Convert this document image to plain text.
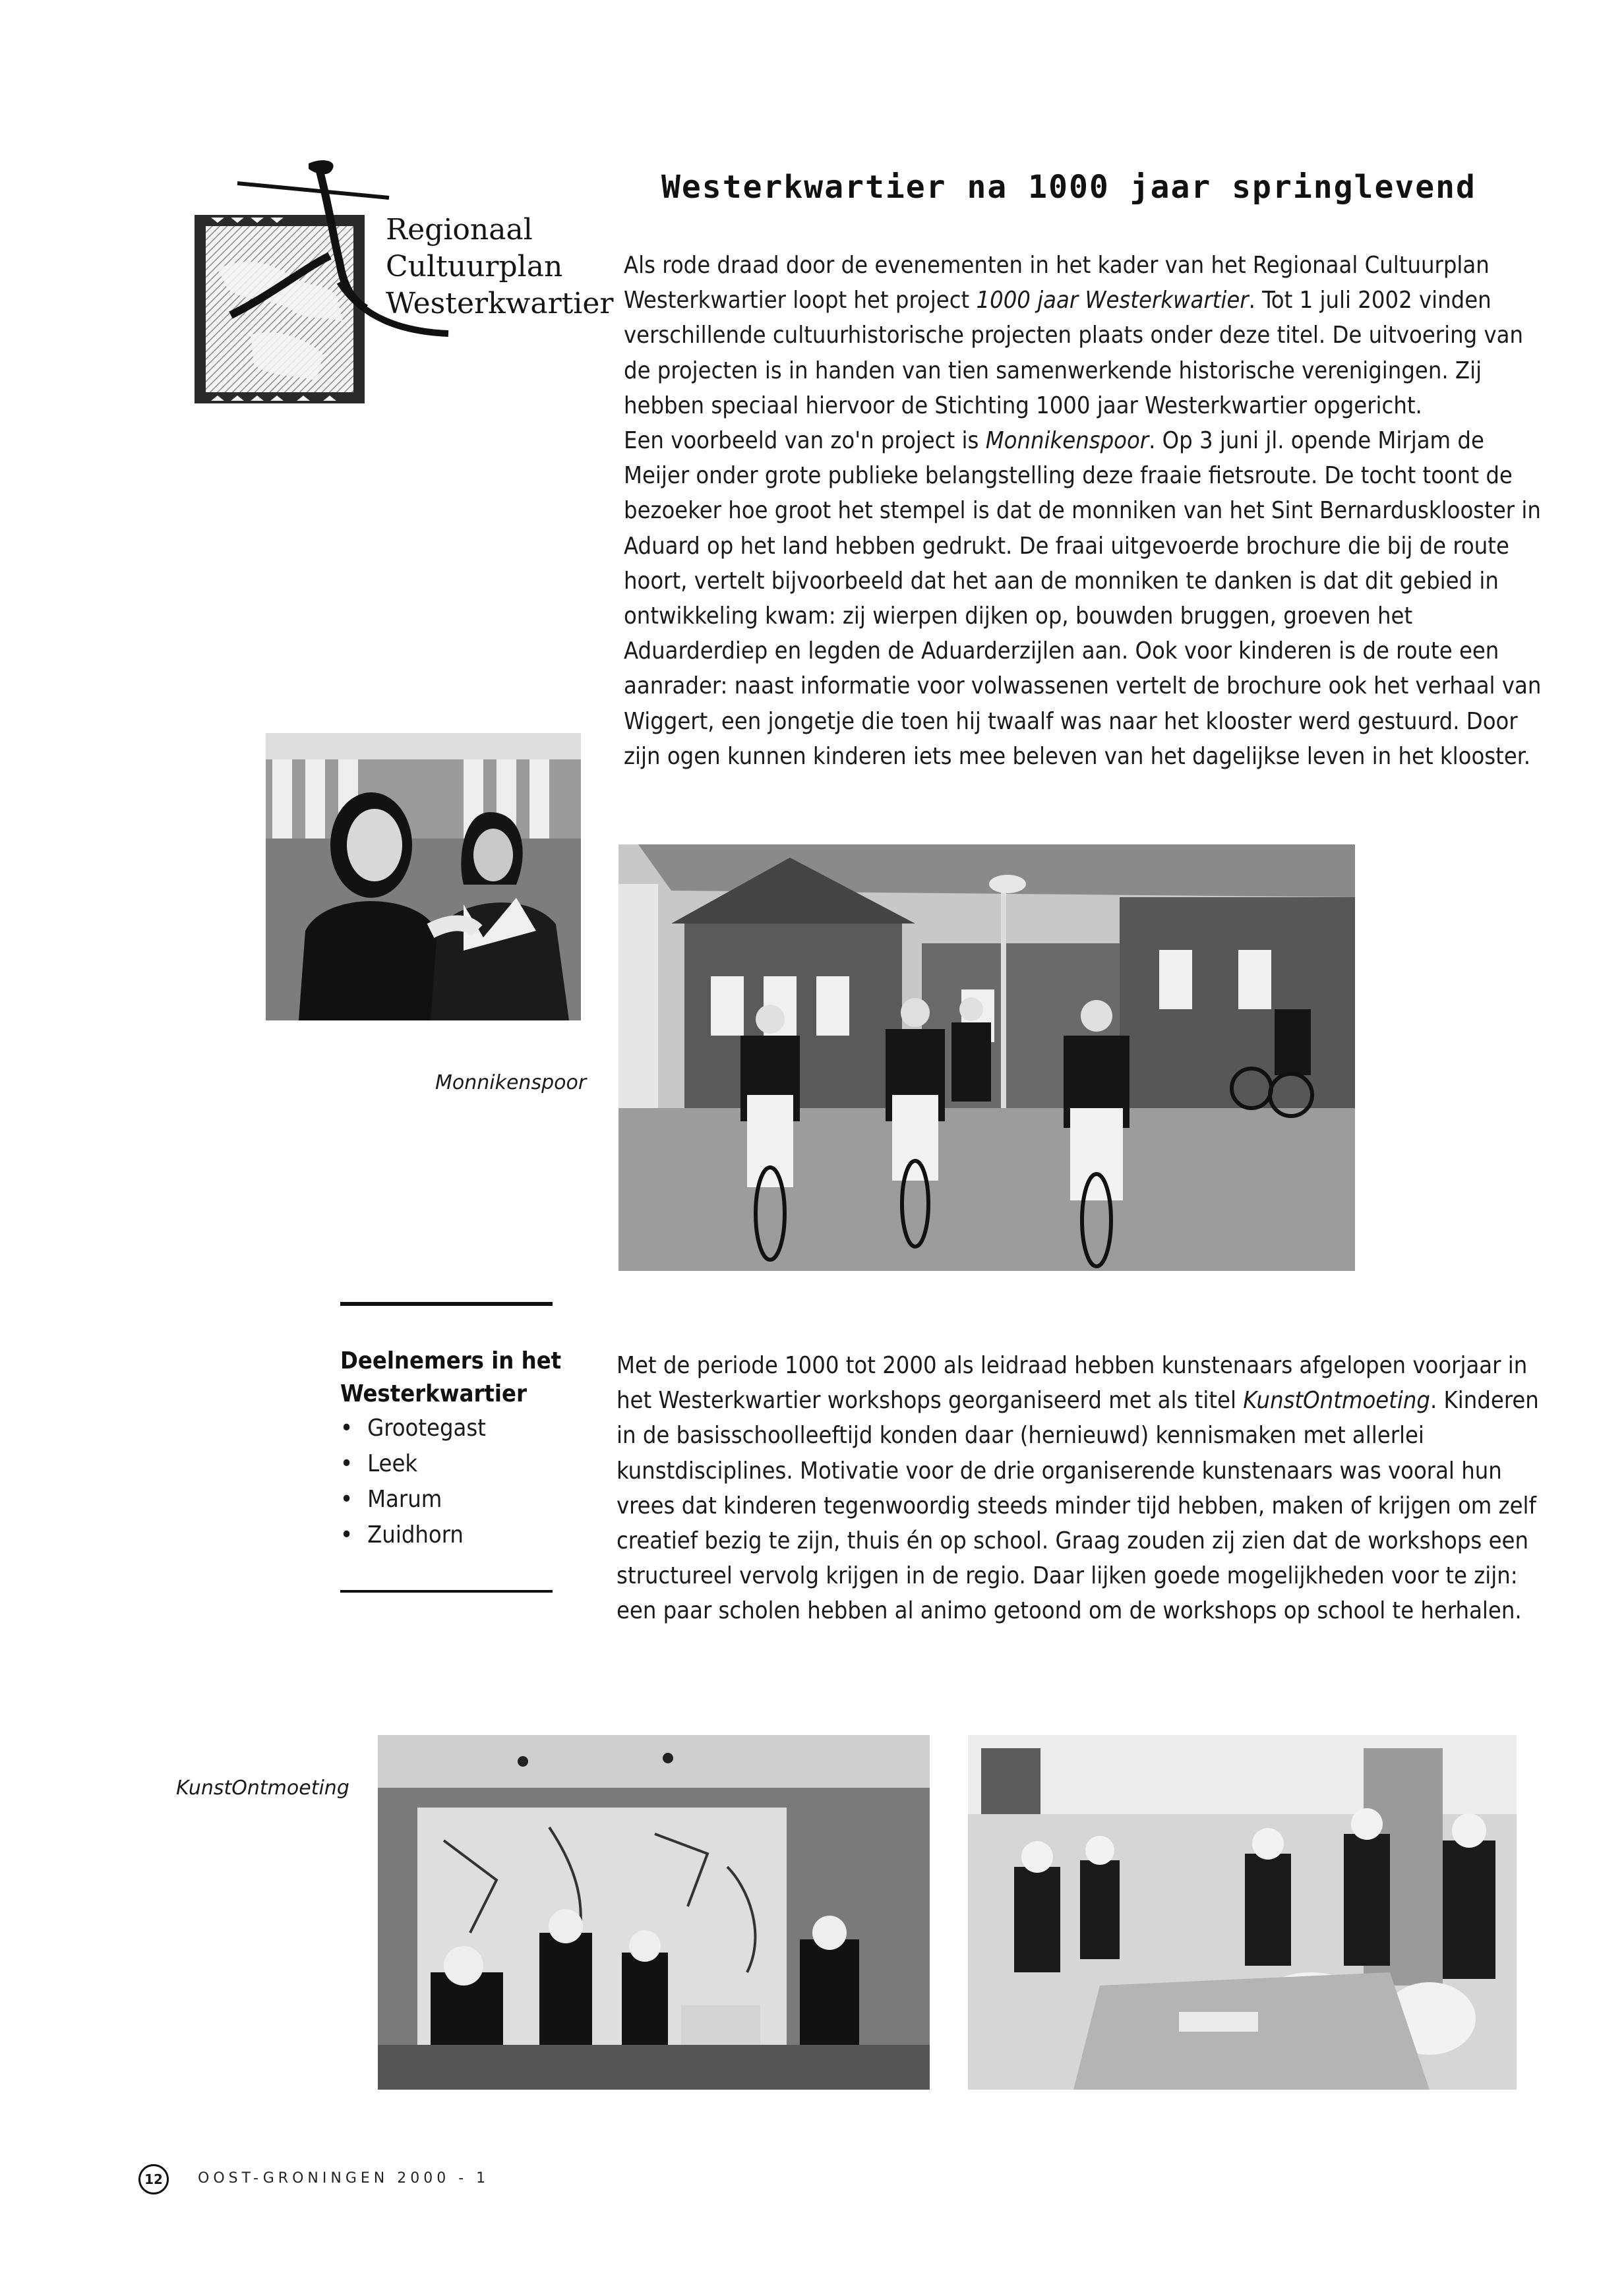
Regionaal
Cultuurplan
Westerkwartier
Westerkwartier na 1000 jaar springlevend

Als rode draad door de evenementen in het kader van het Regionaal Cultuurplan Westerkwartier loopt het project 1000 jaar Westerkwartier. Tot 1 juli 2002 vinden verschillende cultuurhistorische projecten plaats onder deze titel. De uitvoering van de projecten is in handen van tien samenwerkende historische verenigingen. Zij hebben speciaal hiervoor de Stichting 1000 jaar Westerkwartier opgericht.

Een voorbeeld van zo'n project is Monnikenspoor. Op 3 juni jl. opende Mirjam de Meijer onder grote publieke belangstelling deze fraaie fietsroute. De tocht toont de bezoeker hoe groot het stempel is dat de monniken van het Sint Bernardusklooster in Aduard op het land hebben gedrukt. De fraai uitgevoerde brochure die bij de route hoort, vertelt bijvoorbeeld dat het aan de monniken te danken is dat dit gebied in ontwikkeling kwam: zij wierpen dijken op, bouwden bruggen, groeven het Aduarderdiep en legden de Aduarderzijlen aan. Ook voor kinderen is de route een aanrader: naast informatie voor volwassenen vertelt de brochure ook het verhaal van Wiggert, een jongetje die toen hij twaalf was naar het klooster werd gestuurd. Door zijn ogen kunnen kinderen iets mee beleven van het dagelijkse leven in het klooster.

Monnikenspoor

Deelnemers in het Westerkwartier

• Grootegast
• Leek
• Marum
• Zuidhorn

Met de periode 1000 tot 2000 als leidraad hebben kunstenaars afgelopen voorjaar in het Westerkwartier workshops georganiseerd met als titel KunstOntmoeting. Kinderen in de basisschoolleeftijd konden daar (hernieuwd) kennismaken met allerlei kunstdisciplines. Motivatie voor de drie organiserende kunstenaars was vooral hun vrees dat kinderen tegenwoordig steeds minder tijd hebben, maken of krijgen om zelf creatief bezig te zijn, thuis én op school. Graag zouden zij zien dat de workshops een structureel vervolg krijgen in de regio. Daar lijken goede mogelijkheden voor te zijn: een paar scholen hebben al animo getoond om de workshops op school te herhalen.

KunstOntmoeting
12	OOST-GRONINGEN 2000 - 1
